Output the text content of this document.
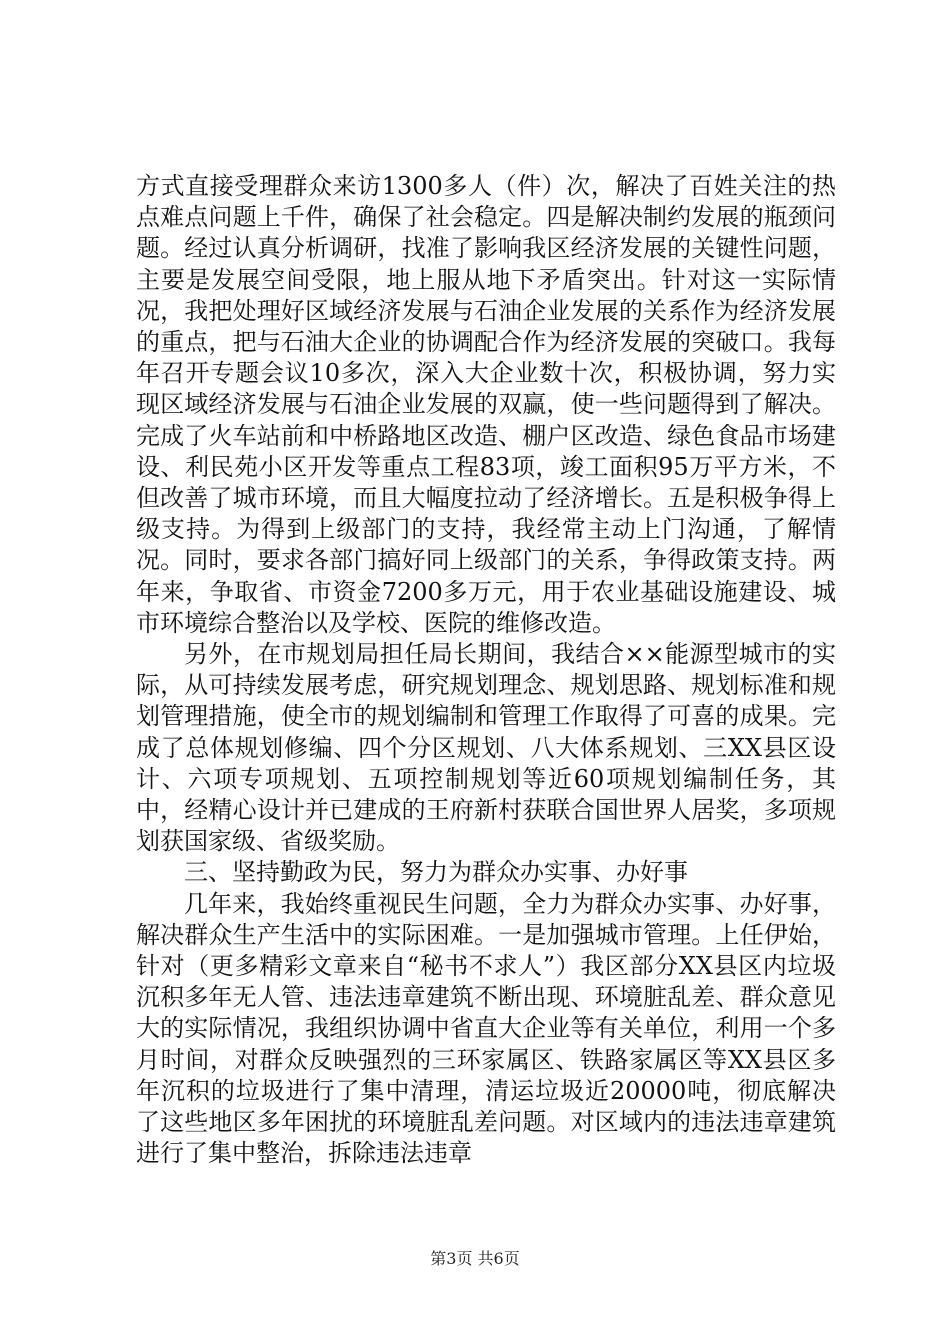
方式直接受理群众来访1300多人（件）次，解决了百姓关注的热点难点问题上千件，确保了社会稳定。四是解决制约发展的瓶颈问题。经过认真分析调研，找准了影响我区经济发展的关键性问题，主要是发展空间受限，地上服从地下矛盾突出。针对这一实际情况，我把处理好区域经济发展与石油企业发展的关系作为经济发展的重点，把与石油大企业的协调配合作为经济发展的突破口。我每年召开专题会议10多次，深入大企业数十次，积极协调，努力实现区域经济发展与石油企业发展的双赢，使一些问题得到了解决。完成了火车站前和中桥路地区改造、棚户区改造、绿色食品市场建设、利民苑小区开发等重点工程83项，竣工面积95万平方米，不但改善了城市环境，而且大幅度拉动了经济增长。五是积极争得上级支持。为得到上级部门的支持，我经常主动上门沟通，了解情况。同时，要求各部门搞好同上级部门的关系，争得政策支持。两年来，争取省、市资金7200多万元，用于农业基础设施建设、城市环境综合整治以及学校、医院的维修改造。

另外，在市规划局担任局长期间，我结合××能源型城市的实际，从可持续发展考虑，研究规划理念、规划思路、规划标准和规划管理措施，使全市的规划编制和管理工作取得了可喜的成果。完成了总体规划修编、四个分区规划、八大体系规划、三XX县区设计、六项专项规划、五项控制规划等近60项规划编制任务，其中，经精心设计并已建成的王府新村获联合国世界人居奖，多项规划获国家级、省级奖励。

三、坚持勤政为民，努力为群众办实事、办好事

几年来，我始终重视民生问题，全力为群众办实事、办好事，解决群众生产生活中的实际困难。一是加强城市管理。上任伊始，针对（更多精彩文章来自“秘书不求人”）我区部分XX县区内垃圾沉积多年无人管、违法违章建筑不断出现、环境脏乱差、群众意见大的实际情况，我组织协调中省直大企业等有关单位，利用一个多月时间，对群众反映强烈的三环家属区、铁路家属区等XX县区多年沉积的垃圾进行了集中清理，清运垃圾近20000吨，彻底解决了这些地区多年困扰的环境脏乱差问题。对区域内的违法违章建筑进行了集中整治，拆除违法违章

第3页 共6页
